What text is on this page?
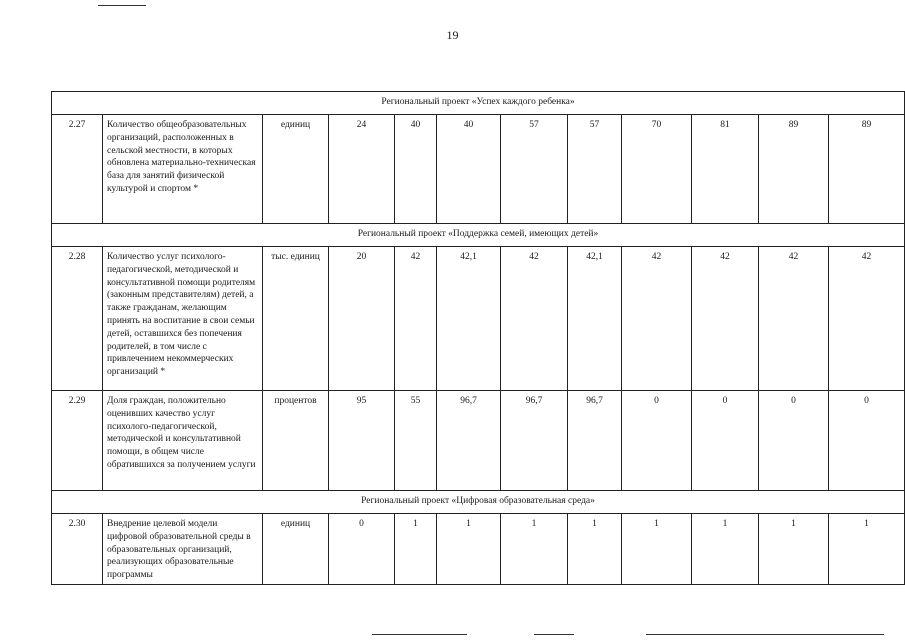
19
Региональный проект «Успех каждого ребенка»											
2.27	Количество общеобразовательных организаций, расположенных в сельской местности, в которых обновлена материально-техническая база для занятий физической культурой и спортом *	единиц	24	40	40	57	57	70	81	89	89
Региональный проект «Поддержка семей, имеющих детей»											
2.28	Количество услуг психолого-педагогической, методической и консультативной помощи родителям (законным представителям) детей, а также гражданам, желающим принять на воспитание в свои семьи детей, оставшихся без попечения родителей, в том числе с привлечением некоммерческих организаций *	тыс. единиц	20	42	42,1	42	42,1	42	42	42	42
2.29	Доля граждан, положительно оценивших качество услуг психолого-педагогической, методической и консультативной помощи, в общем числе обратившихся за получением услуги	процентов	95	55	96,7	96,7	96,7	0	0	0	0
Региональный проект «Цифровая образовательная среда»											
2.30	Внедрение целевой модели цифровой образовательной среды в образовательных организаций, реализующих образовательные программы	единиц	0	1	1	1	1	1	1	1	1
